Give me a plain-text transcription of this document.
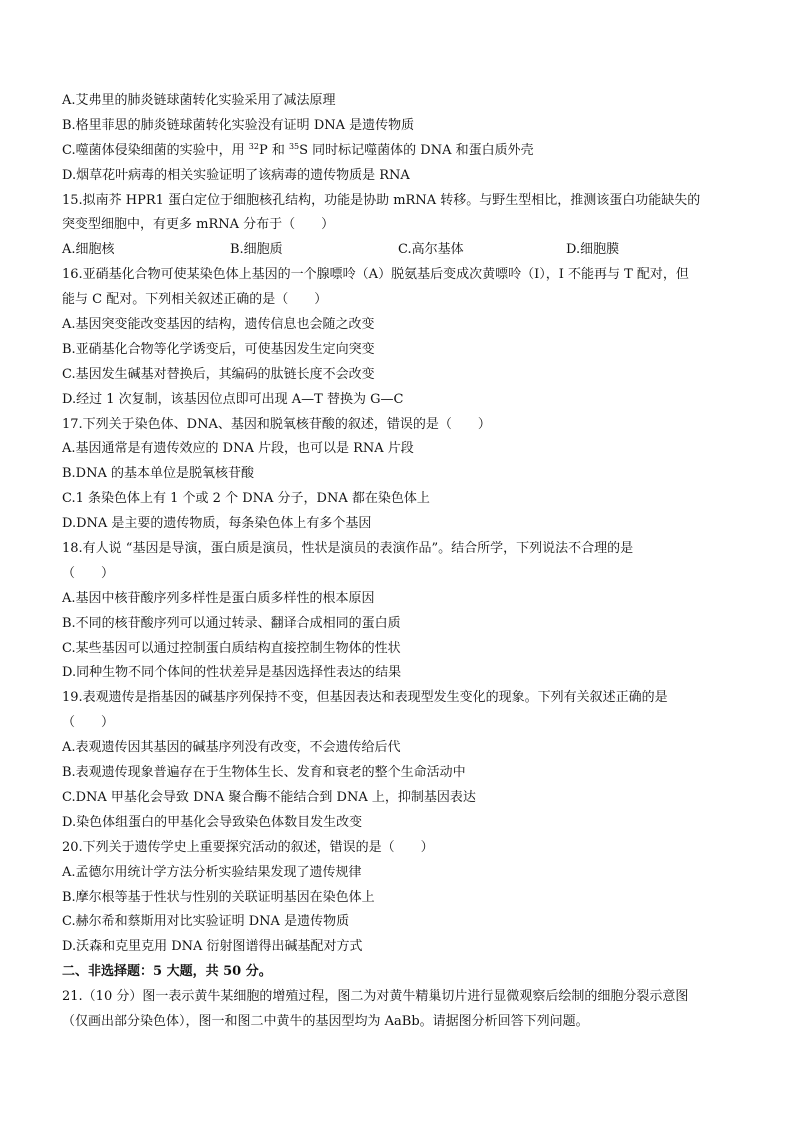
A.艾弗里的肺炎链球菌转化实验采用了减法原理
B.格里菲思的肺炎链球菌转化实验没有证明 DNA 是遗传物质
C.噬菌体侵染细菌的实验中，用 $^{32}$P 和 $^{35}$S 同时标记噬菌体的 DNA 和蛋白质外壳
D.烟草花叶病毒的相关实验证明了该病毒的遗传物质是 RNA
15.拟南芥 HPR1 蛋白定位于细胞核孔结构，功能是协助 mRNA 转移。与野生型相比，推测该蛋白功能缺失的
突变型细胞中，有更多 mRNA 分布于（　　）
A.细胞核	B.细胞质	C.高尔基体	D.细胞膜
16.亚硝基化合物可使某染色体上基因的一个腺嘌呤（A）脱氨基后变成次黄嘌呤（I），I 不能再与 T 配对，但
能与 C 配对。下列相关叙述正确的是（　　）
A.基因突变能改变基因的结构，遗传信息也会随之改变
B.亚硝基化合物等化学诱变后，可使基因发生定向突变
C.基因发生碱基对替换后，其编码的肽链长度不会改变
D.经过 1 次复制，该基因位点即可出现 A—T 替换为 G—C
17.下列关于染色体、DNA、基因和脱氧核苷酸的叙述，错误的是（　　）
A.基因通常是有遗传效应的 DNA 片段，也可以是 RNA 片段
B.DNA 的基本单位是脱氧核苷酸
C.1 条染色体上有 1 个或 2 个 DNA 分子，DNA 都在染色体上
D.DNA 是主要的遗传物质，每条染色体上有多个基因
18.有人说 “基因是导演，蛋白质是演员，性状是演员的表演作品”。结合所学，下列说法不合理的是
（　　）
A.基因中核苷酸序列多样性是蛋白质多样性的根本原因
B.不同的核苷酸序列可以通过转录、翻译合成相同的蛋白质
C.某些基因可以通过控制蛋白质结构直接控制生物体的性状
D.同种生物不同个体间的性状差异是基因选择性表达的结果
19.表观遗传是指基因的碱基序列保持不变，但基因表达和表现型发生变化的现象。下列有关叙述正确的是
（　　）
A.表观遗传因其基因的碱基序列没有改变，不会遗传给后代
B.表观遗传现象普遍存在于生物体生长、发育和衰老的整个生命活动中
C.DNA 甲基化会导致 DNA 聚合酶不能结合到 DNA 上，抑制基因表达
D.染色体组蛋白的甲基化会导致染色体数目发生改变
20.下列关于遗传学史上重要探究活动的叙述，错误的是（　　）
A.孟德尔用统计学方法分析实验结果发现了遗传规律
B.摩尔根等基于性状与性别的关联证明基因在染色体上
C.赫尔希和蔡斯用对比实验证明 DNA 是遗传物质
D.沃森和克里克用 DNA 衍射图谱得出碱基配对方式
二、非选择题：5 大题，共 50 分。
21.（10 分）图一表示黄牛某细胞的增殖过程，图二为对黄牛精巢切片进行显微观察后绘制的细胞分裂示意图
（仅画出部分染色体），图一和图二中黄牛的基因型均为 AaBb。请据图分析回答下列问题。
